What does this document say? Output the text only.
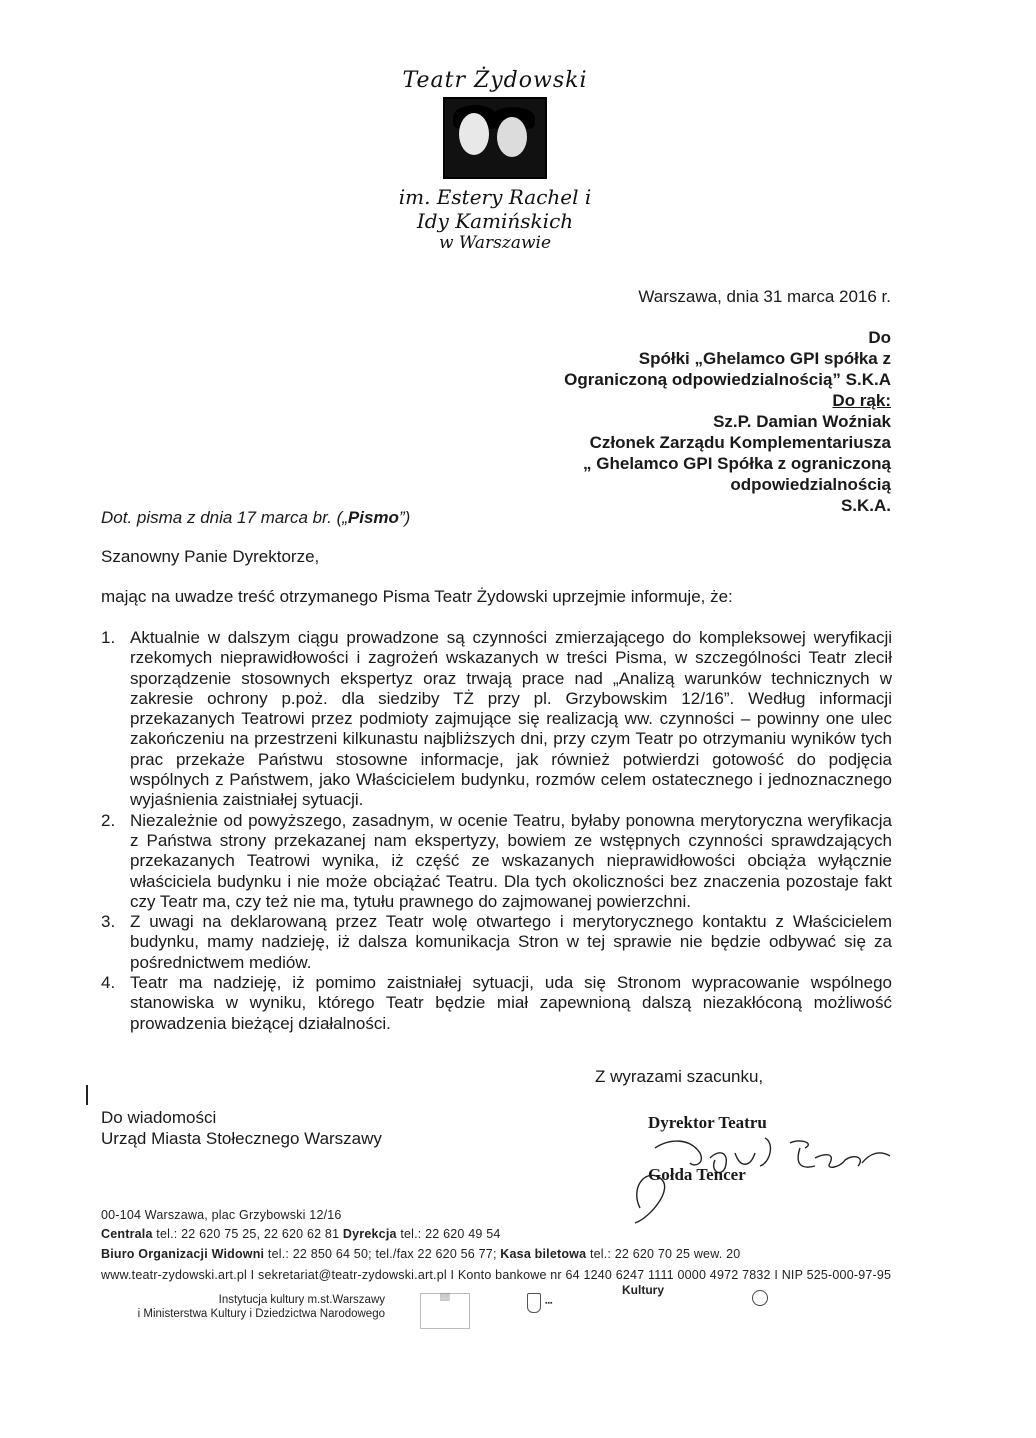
Teatr Żydowski
im. Estery Rachel i Idy Kamińskich
w Warszawie
Warszawa, dnia 31 marca 2016 r.
Do
Spółki „Ghelamco GPI spółka z
Ograniczoną odpowiedzialnością” S.K.A
Do rąk:
Sz.P. Damian Woźniak
Członek Zarządu Komplementariusza
„ Ghelamco GPI Spółka z ograniczoną
odpowiedzialnością
S.K.A.
Dot. pisma z dnia 17 marca br. („Pismo”)
Szanowny Panie Dyrektorze,
mając na uwadze treść otrzymanego Pisma Teatr Żydowski uprzejmie informuje, że:
1. Aktualnie w dalszym ciągu prowadzone są czynności zmierzającego do kompleksowej weryfikacji rzekomych nieprawidłowości i zagrożeń wskazanych w treści Pisma, w szczególności Teatr zlecił sporządzenie stosownych ekspertyz oraz trwają prace nad „Analizą warunków technicznych w zakresie ochrony p.poż. dla siedziby TŻ przy pl. Grzybowskim 12/16”. Według informacji przekazanych Teatrowi przez podmioty zajmujące się realizacją ww. czynności – powinny one ulec zakończeniu na przestrzeni kilkunastu najbliższych dni, przy czym Teatr po otrzymaniu wyników tych prac przekaże Państwu stosowne informacje, jak również potwierdzi gotowość do podjęcia wspólnych z Państwem, jako Właścicielem budynku, rozmów celem ostatecznego i jednoznacznego wyjaśnienia zaistniałej sytuacji.
2. Niezależnie od powyższego, zasadnym, w ocenie Teatru, byłaby ponowna merytoryczna weryfikacja z Państwa strony przekazanej nam ekspertyzy, bowiem ze wstępnych czynności sprawdzających przekazanych Teatrowi wynika, iż część ze wskazanych nieprawidłowości obciąża wyłącznie właściciela budynku i nie może obciążać Teatru. Dla tych okoliczności bez znaczenia pozostaje fakt czy Teatr ma, czy też nie ma, tytułu prawnego do zajmowanej powierzchni.
3. Z uwagi na deklarowaną przez Teatr wolę otwartego i merytorycznego kontaktu z Właścicielem budynku, mamy nadzieję, iż dalsza komunikacja Stron w tej sprawie nie będzie odbywać się za pośrednictwem mediów.
4. Teatr ma nadzieję, iż pomimo zaistniałej sytuacji, uda się Stronom wypracowanie wspólnego stanowiska w wyniku, którego Teatr będzie miał zapewnioną dalszą niezakłóconą możliwość prowadzenia bieżącej działalności.
Z wyrazami szacunku,
Do wiadomości
Urząd Miasta Stołecznego Warszawy
Dyrektor Teatru
Gołda Tencer
00-104 Warszawa, plac Grzybowski 12/16
Centrala tel.: 22 620 75 25, 22 620 62 81 Dyrekcja tel.: 22 620 49 54
Biuro Organizacji Widowni tel.: 22 850 64 50; tel./fax 22 620 56 77; Kasa biletowa tel.: 22 620 70 25 wew. 20
www.teatr-zydowski.art.pl I sekretariat@teatr-zydowski.art.pl I Konto bankowe nr 64 1240 6247 1111 0000 4972 7832 I NIP 525-000-97-95
Instytucja kultury m.st.Warszawy
i Ministerstwa Kultury i Dziedzictwa Narodowego
▒▒
▪▪▪
Kultury
